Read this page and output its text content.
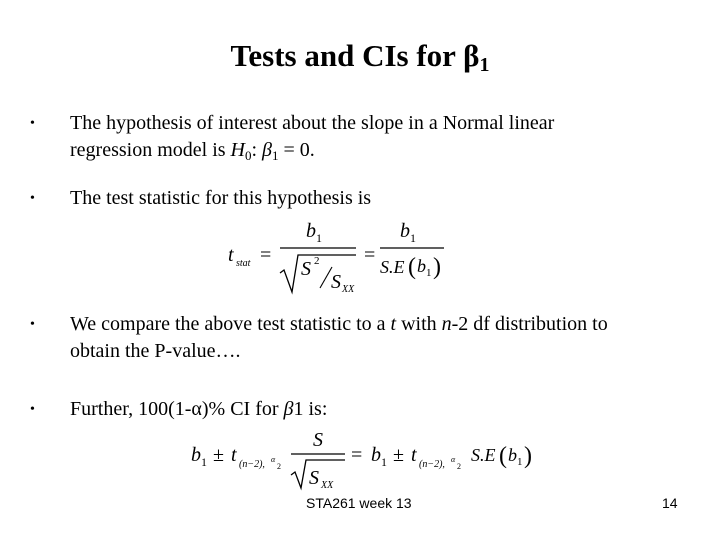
Tests and CIs for $\beta_1$
• The hypothesis of interest about the slope in a Normal linear
regression model is $H_0$: $\beta_1 = 0$.
• The test statistic for this hypothesis is
t stat =
b 1
S 2
S XX
=
b 1
S.E ( b 1 )
• We compare the above test statistic to a t with n-2 df distribution to
obtain the P-value….
• Further, 100(1-α)% CI for β1 is:
b 1 ± t (n−2), α
2
S
S XX
= b 1 ± t (n−2), α
2
S.E ( b 1 )
STA261 week 13	14
